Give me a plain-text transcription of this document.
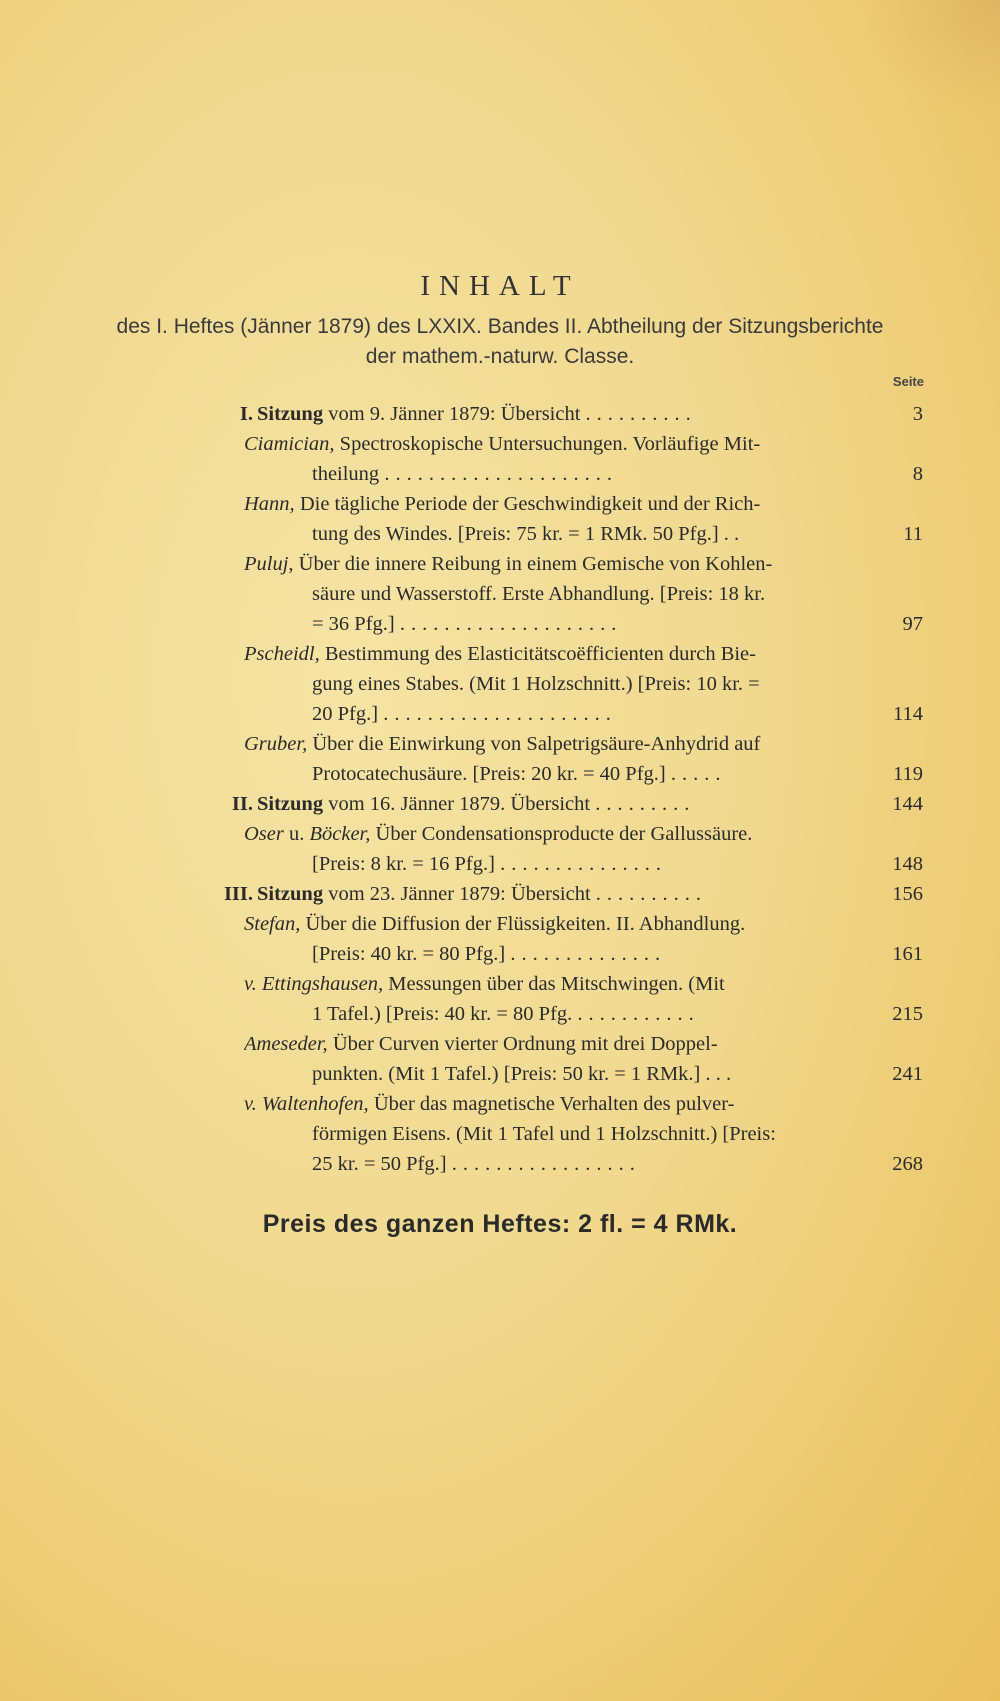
INHALT
des I. Heftes (Jänner 1879) des LXXIX. Bandes II. Abtheilung der Sitzungsberichte
der mathem.-naturw. Classe.
Seite
I. Sitzung vom 9. Jänner 1879: Übersicht ..........	3
Ciamician, Spectroskopische Untersuchungen. Vorläufige Mit-
theilung .....................	8
Hann, Die tägliche Periode der Geschwindigkeit und der Rich-
tung des Windes. [Preis: 75 kr. = 1 RMk. 50 Pfg.] . .	11
Puluj, Über die innere Reibung in einem Gemische von Kohlen-
säure und Wasserstoff. Erste Abhandlung. [Preis: 18 kr.
= 36 Pfg.] ....................	97
Pscheidl, Bestimmung des Elasticitätscoëfficienten durch Bie-
gung eines Stabes. (Mit 1 Holzschnitt.) [Preis: 10 kr. =
20 Pfg.] .....................	114
Gruber, Über die Einwirkung von Salpetrigsäure-Anhydrid auf
Protocatechusäure. [Preis: 20 kr. = 40 Pfg.] .....	119
II. Sitzung vom 16. Jänner 1879. Übersicht .........	144
Oser u. Böcker, Über Condensationsproducte der Gallussäure.
[Preis: 8 kr. = 16 Pfg.] ...............	148
III. Sitzung vom 23. Jänner 1879: Übersicht ..........	156
Stefan, Über die Diffusion der Flüssigkeiten. II. Abhandlung.
[Preis: 40 kr. = 80 Pfg.] ..............	161
v. Ettingshausen, Messungen über das Mitschwingen. (Mit
1 Tafel.) [Preis: 40 kr. = 80 Pfg. ...........	215
Ameseder, Über Curven vierter Ordnung mit drei Doppel-
punkten. (Mit 1 Tafel.) [Preis: 50 kr. = 1 RMk.] . . .	241
v. Waltenhofen, Über das magnetische Verhalten des pulver-
förmigen Eisens. (Mit 1 Tafel und 1 Holzschnitt.) [Preis:
25 kr. = 50 Pfg.] .................	268
Preis des ganzen Heftes: 2 fl. = 4 RMk.
